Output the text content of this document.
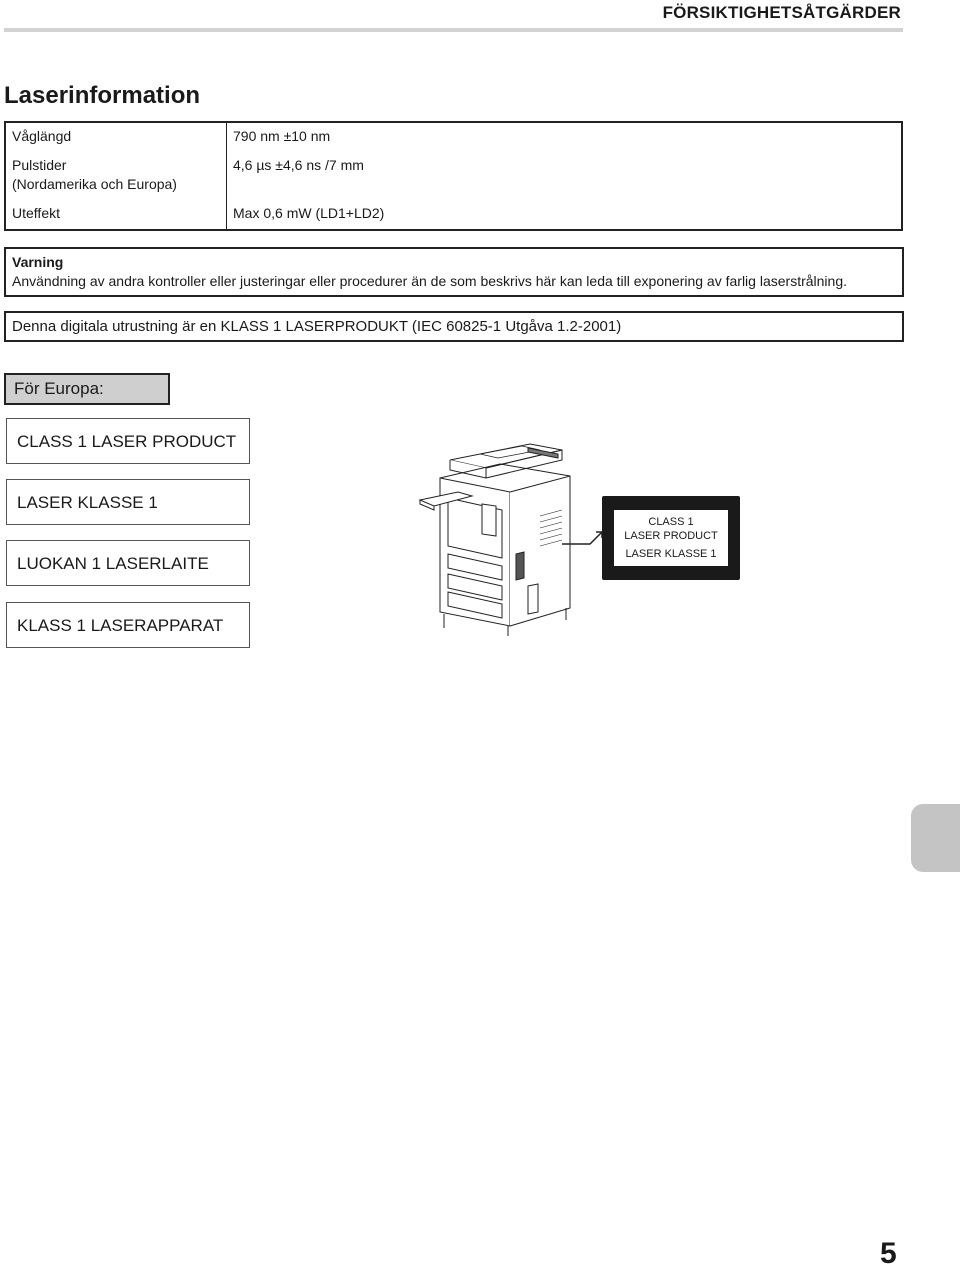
FÖRSIKTIGHETSÅTGÄRDER
Laserinformation
Våglängd	790 nm ±10 nm

Pulstider
(Nordamerika och Europa)	4,6 µs ±4,6 ns /7 mm
Uteffekt	Max 0,6 mW (LD1+LD2)
Varning
Användning av andra kontroller eller justeringar eller procedurer än de som beskrivs här kan leda till exponering av farlig laserstrålning.
Denna digitala utrustning är en KLASS 1 LASERPRODUKT (IEC 60825-1 Utgåva 1.2-2001)
För Europa:
CLASS 1 LASER PRODUCT
LASER KLASSE 1
LUOKAN 1 LASERLAITE
KLASS 1 LASERAPPARAT
CLASS 1
LASER PRODUCT
LASER KLASSE 1
5
